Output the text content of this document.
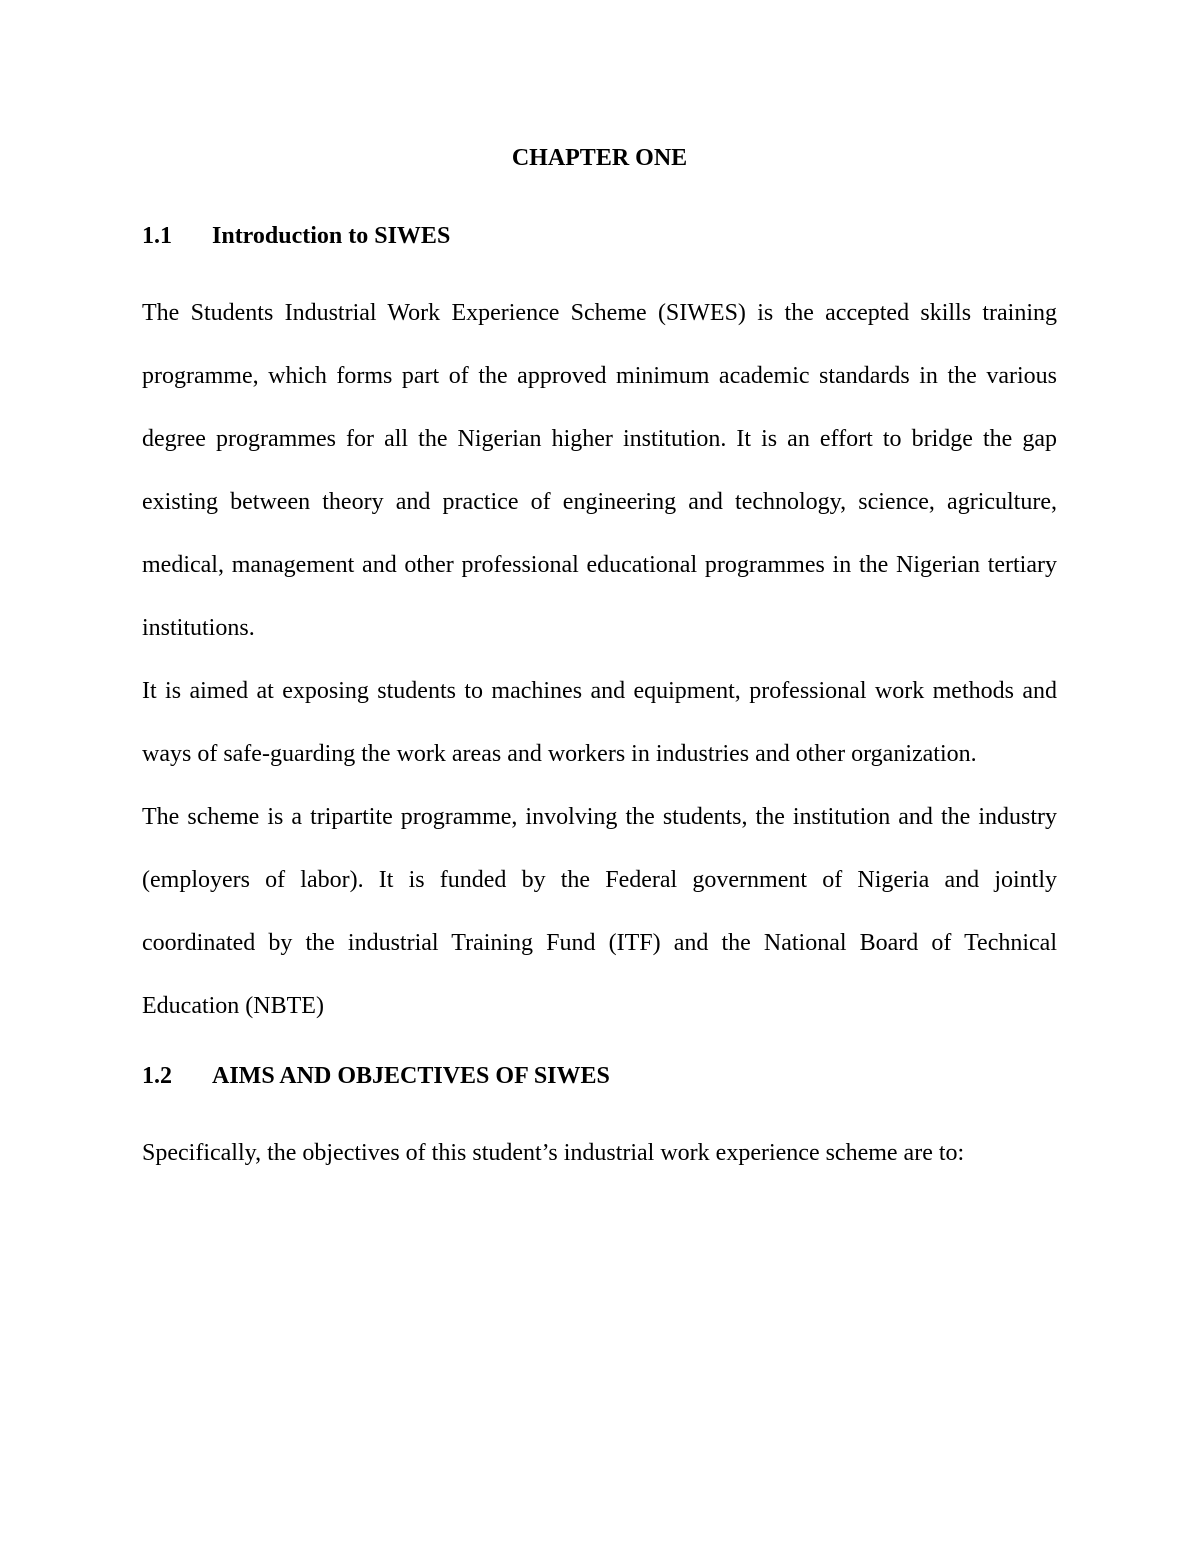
CHAPTER ONE
1.1	Introduction to SIWES

The Students Industrial Work Experience Scheme (SIWES) is the accepted skills training programme, which forms part of the approved minimum academic standards in the various degree programmes for all the Nigerian higher institution. It is an effort to bridge the gap existing between theory and practice of engineering and technology, science, agriculture, medical, management and other professional educational programmes in the Nigerian tertiary institutions.

It is aimed at exposing students to machines and equipment, professional work methods and ways of safe-guarding the work areas and workers in industries and other organization.

The scheme is a tripartite programme, involving the students, the institution and the industry (employers of labor). It is funded by the Federal government of Nigeria and jointly coordinated by the industrial Training Fund (ITF) and the National Board of Technical Education (NBTE)

1.2	AIMS AND OBJECTIVES OF SIWES

Specifically, the objectives of this student’s industrial work experience scheme are to:
